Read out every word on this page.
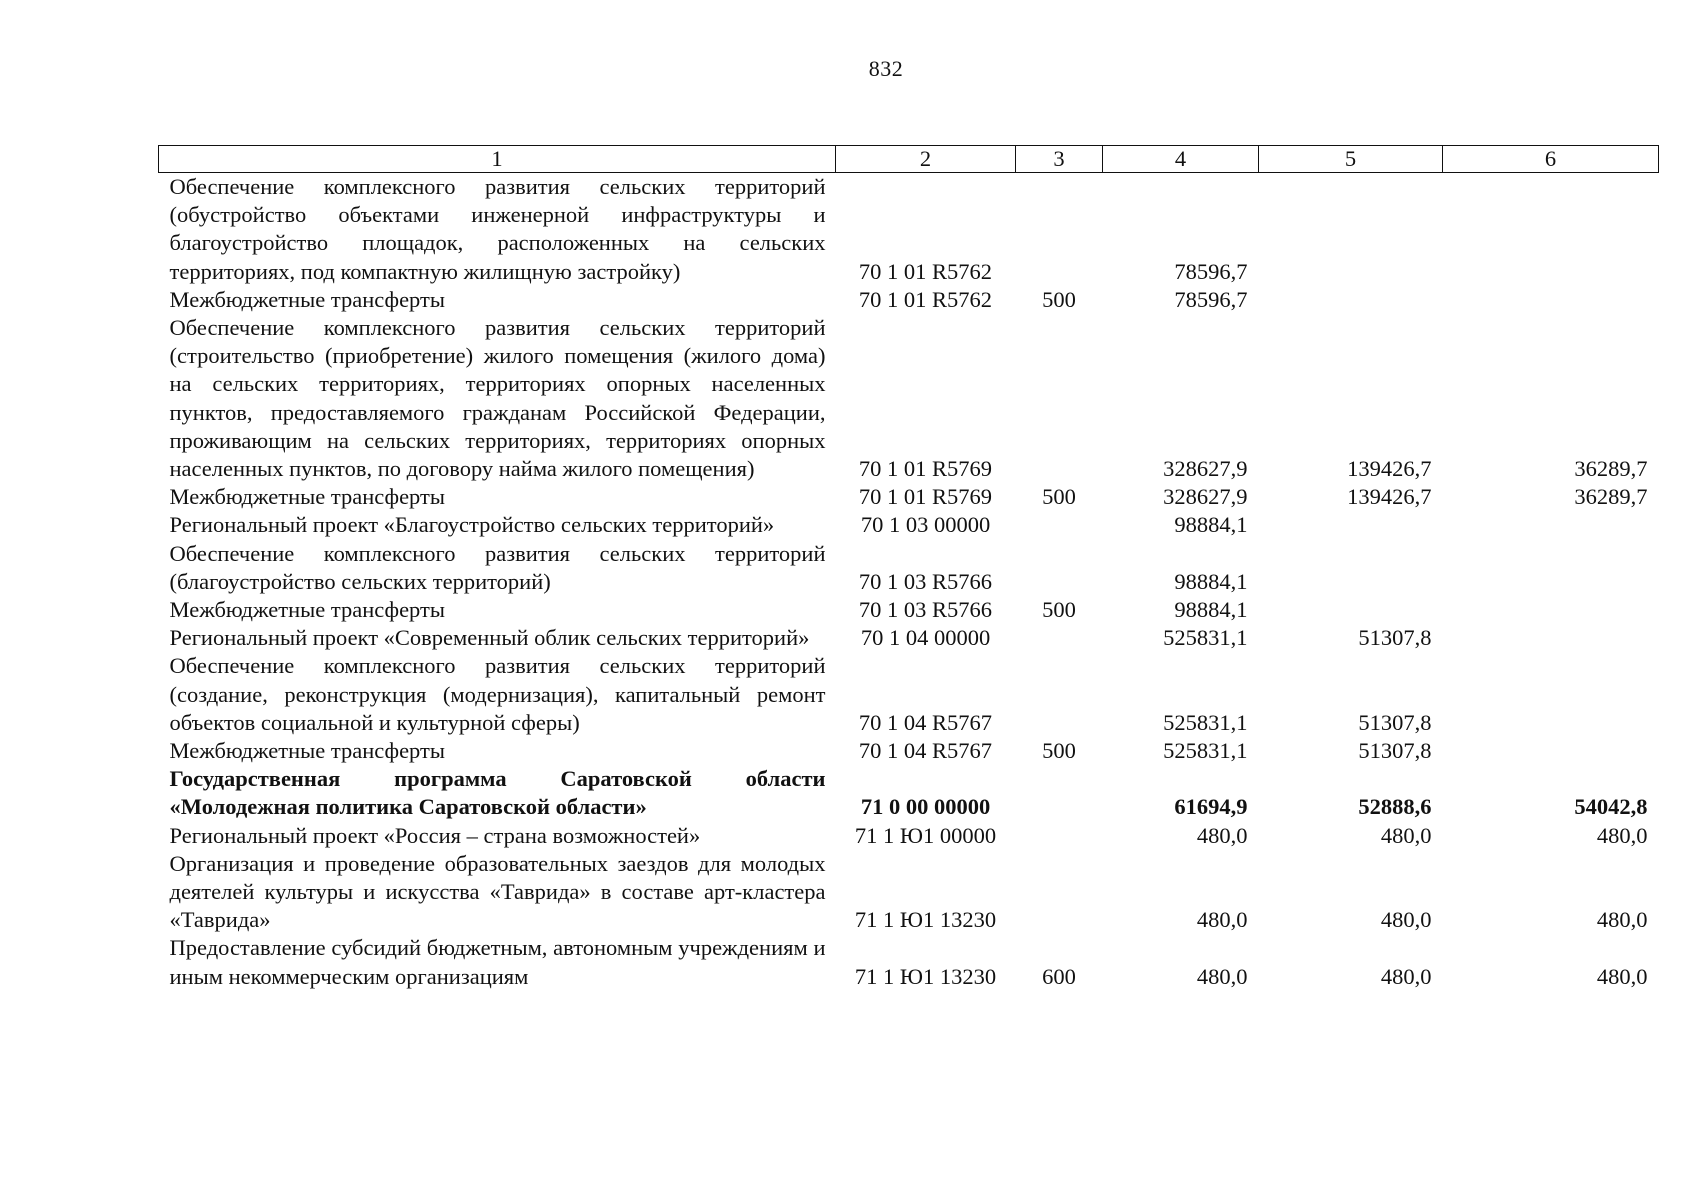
832
1	2	3	4	5	6
Обеспечение комплексного развития сельских территорий (обустройство объектами инженерной инфраструктуры и благоустройство площадок, расположенных на сельских территориях, под компактную жилищную застройку)	70 1 01 R5762		78596,7		
Межбюджетные трансферты	70 1 01 R5762	500	78596,7		
Обеспечение комплексного развития сельских территорий (строительство (приобретение) жилого помещения (жилого дома) на сельских территориях, территориях опорных населенных пунктов, предоставляемого гражданам Российской Федерации, проживающим на сельских территориях, территориях опорных населенных пунктов, по договору найма жилого помещения)	70 1 01 R5769		328627,9	139426,7	36289,7
Межбюджетные трансферты	70 1 01 R5769	500	328627,9	139426,7	36289,7
Региональный проект «Благоустройство сельских территорий»	70 1 03 00000		98884,1		
Обеспечение комплексного развития сельских территорий (благоустройство сельских территорий)	70 1 03 R5766		98884,1		
Межбюджетные трансферты	70 1 03 R5766	500	98884,1		
Региональный проект «Современный облик сельских территорий»	70 1 04 00000		525831,1	51307,8	
Обеспечение комплексного развития сельских территорий (создание, реконструкция (модернизация), капитальный ремонт объектов социальной и культурной сферы)	70 1 04 R5767		525831,1	51307,8	
Межбюджетные трансферты	70 1 04 R5767	500	525831,1	51307,8	
Государственная программа Саратовской области «Молодежная политика Саратовской области»	71 0 00 00000		61694,9	52888,6	54042,8
Региональный проект «Россия – страна возможностей»	71 1 Ю1 00000		480,0	480,0	480,0
Организация и проведение образовательных заездов для молодых деятелей культуры и искусства «Таврида» в составе арт-кластера «Таврида»	71 1 Ю1 13230		480,0	480,0	480,0
Предоставление субсидий бюджетным, автономным учреждениям и иным некоммерческим организациям	71 1 Ю1 13230	600	480,0	480,0	480,0
